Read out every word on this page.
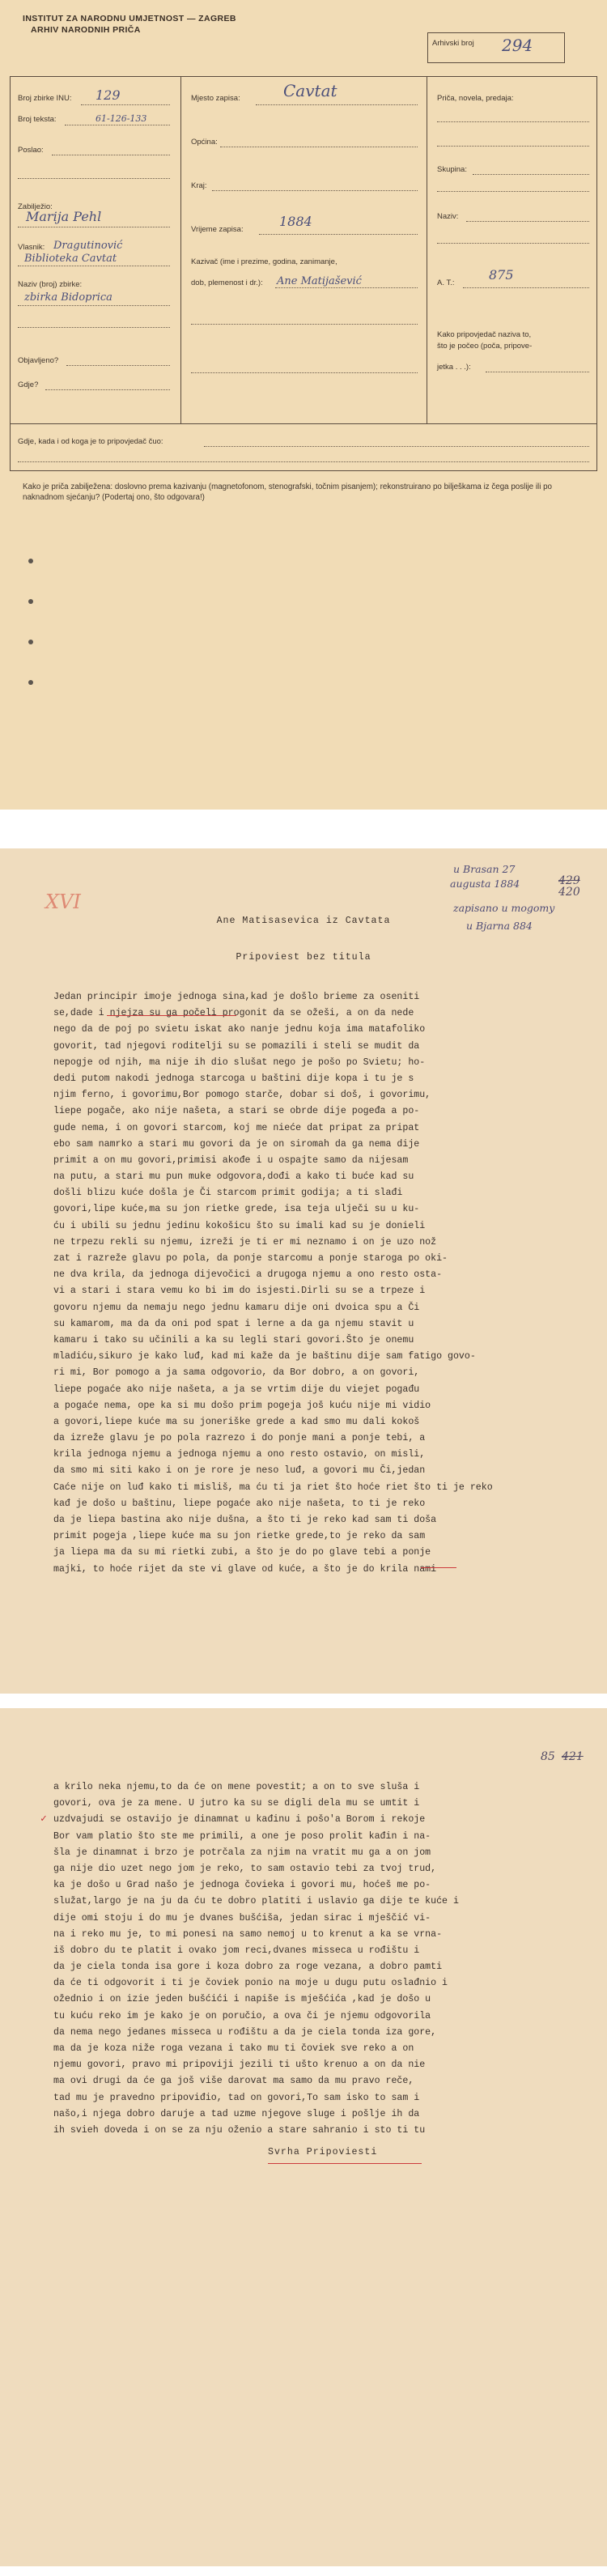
INSTITUT ZA NARODNU UMJETNOST — ZAGREB
ARHIV NARODNIH PRIČA
Arhivski broj 294
Broj zbirke INU: 129
Broj teksta:	61-126-133
Poslao:
Zabilježio:
Marija Pehl
Vlasnik: Dragutinović
Biblioteka Cavtat
Naziv (broj) zbirke:
zbirka Bidoprica
Objavljeno?
Gdje?
Mjesto zapisa:	Cavtat
Općina:
Kraj:
Vrijeme zapisa:
1884
Kazivač (ime i prezime, godina, zanimanje,
dob, plemenost i dr.): Ane Matijašević
Priča, novela, predaja:
Skupina:
Naziv:
A. T.:
875
Kako pripovjedač naziva to,
što je počeo (poča, pripove-
jetka . . .):
Gdje, kada i od koga je to pripovjedač čuo:
Kako je priča zabilježena: doslovno prema kazivanju (magnetofonom, stenografski, točnim pisanjem); rekonstruirano po bilješkama iz čega poslije ili po naknadnom sjećanju? (Podertaj ono, što odgovara!)
XVI
u Brasan 27
augusta 1884
zapisano u mogomy
u Bjarna 884
429
420
Ane Matisasevica iz Cavtata
Pripoviest bez titula
Jedan principir imoje jednoga sina,kad je došlo brieme za oseniti
se,dade i njejza su ga počeli progonit da se ožeši, a on da nede
nego da de poj po svietu iskat ako nanje jednu koja ima matafoliko
govorit, tad njegovi roditelji su se pomazili i steli se mudit da
nepogje od njih, ma nije ih dio slušat nego je pošo po Svietu; ho-
dedi putom nakodi jednoga starcoga u baštini dije kopa i tu je s
njim ferno, i govorimu,Bor pomogo starče, dobar si doš, i govorimu,
liepe pogače, ako nije našeta, a stari se obrde dije pogeđa a po-
gude nema, i on govori starcom, koj me nieće dat pripat za pripat
ebo sam namrko a stari mu govori da je on siromah da ga nema dije
primit a on mu govori,primisi akođe i u ospajte samo da nijesam
na putu, a stari mu pun muke odgovora,dođi a kako ti buće kad su
došli blizu kuće došla je Či starcom primit godija; a ti slađi
govori,lipe kuće,ma su jon rietke grede, isa teja ulječi su u ku-
ću i ubili su jednu jedinu kokošicu što su imali kad su je donieli
ne trpezu rekli su njemu, izreži je ti er mi neznamo i on je uzo nož
zat i razreže glavu po pola, da ponje starcomu a ponje staroga po oki-
ne dva krila, da jednoga dijevočici a drugoga njemu a ono resto osta-
vi a stari i stara vemu ko bi im do isjesti.Dirli su se a trpeze i
govoru njemu da nemaju nego jednu kamaru dije oni dvoica spu a Či
su kamarom, ma da da oni pod spat i lerne a da ga njemu stavit u
kamaru i tako su učinili a ka su legli stari govori.Što je onemu
mladiću,sikuro je kako luđ, kad mi kaže da je baštinu dije sam fatigo govo-
ri mi, Bor pomogo a ja sama odgovorio, da Bor dobro, a on govori,
liepe pogaće ako nije našeta, a ja se vrtim dije du viejet pogađu
a pogaće nema, ope ka si mu došo prim pogeja još kuću nije mi vidio
a govori,liepe kuće ma su joneriške grede a kad smo mu dali kokoš
da izreže glavu je po pola razrezo i do ponje mani a ponje tebi, a
krila jednoga njemu a jednoga njemu a ono resto ostavio, on misli,
da smo mi siti kako i on je rore je neso luđ, a govori mu Či,jedan
Caće nije on luđ kako ti misliš, ma ću ti ja riet što hoće riet što ti je reko
kađ je došo u baštinu, liepe pogaće ako nije našeta, to ti je reko
da je liepa bastina ako nije dušna, a što ti je reko kad sam ti doša
primit pogeja ,liepe kuće ma su jon rietke grede,to je reko da sam
ja liepa ma da su mi rietki zubi, a što je do po glave tebi a ponje
majki, to hoće rijet da ste vi glave od kuće, a što je do krila nami
85 421
a krilo neka njemu,to da će on mene povestit; a on to sve sluša i
govori, ova je za mene. U jutro ka su se digli dela mu se umtit i
uzdvajudi se ostavijo je dinamnat u kađinu i pošo'a Borom i rekoje
Bor vam platio što ste me primili, a one je poso prolit kađin i na-
šla je dinamnat i brzo je potrčala za njim na vratit mu ga a on jom
ga nije dio uzet nego jom je reko, to sam ostavio tebi za tvoj trud,
ka je došo u Grad našo je jednoga čovieka i govori mu, hoćeš me po-
služat,largo je na ju da ću te dobro platiti i uslavio ga dije te kuće i
dije omi stoju i do mu je dvanes bušćiša, jedan sirac i mješčić vi-
na i reko mu je, to mi ponesi na samo nemoj u to krenut a ka se vrna-
iš dobro du te platit i ovako jom reci,dvanes misseca u rođištu i
da je ciela tonda isa gore i koza dobro za roge vezana, a dobro pamti
da će ti odgovorit i ti je čoviek ponio na moje u dugu putu oslađnio i
ožednio i on izie jeden bušćići i napiše is mješćića ,kad je došo u
tu kuću reko im je kako je on poručio, a ova či je njemu odgovorila
da nema nego jedanes misseca u rođištu a da je ciela tonda iza gore,
ma da je koza niže roga vezana i tako mu ti čoviek sve reko a on
njemu govori, pravo mi pripoviji jezili ti ušto krenuo a on da nie
ma ovi drugi da će ga još više darovat ma samo da mu pravo reče,
tad mu je pravedno pripoviđio, tad on govori,To sam isko to sam i
našo,i njega dobro daruje a tad uzme njegove sluge i pošlje ih da
ih svieh doveda i on se za nju oženio a stare sahranio i sto ti tu
✓
Svrha Pripoviesti
